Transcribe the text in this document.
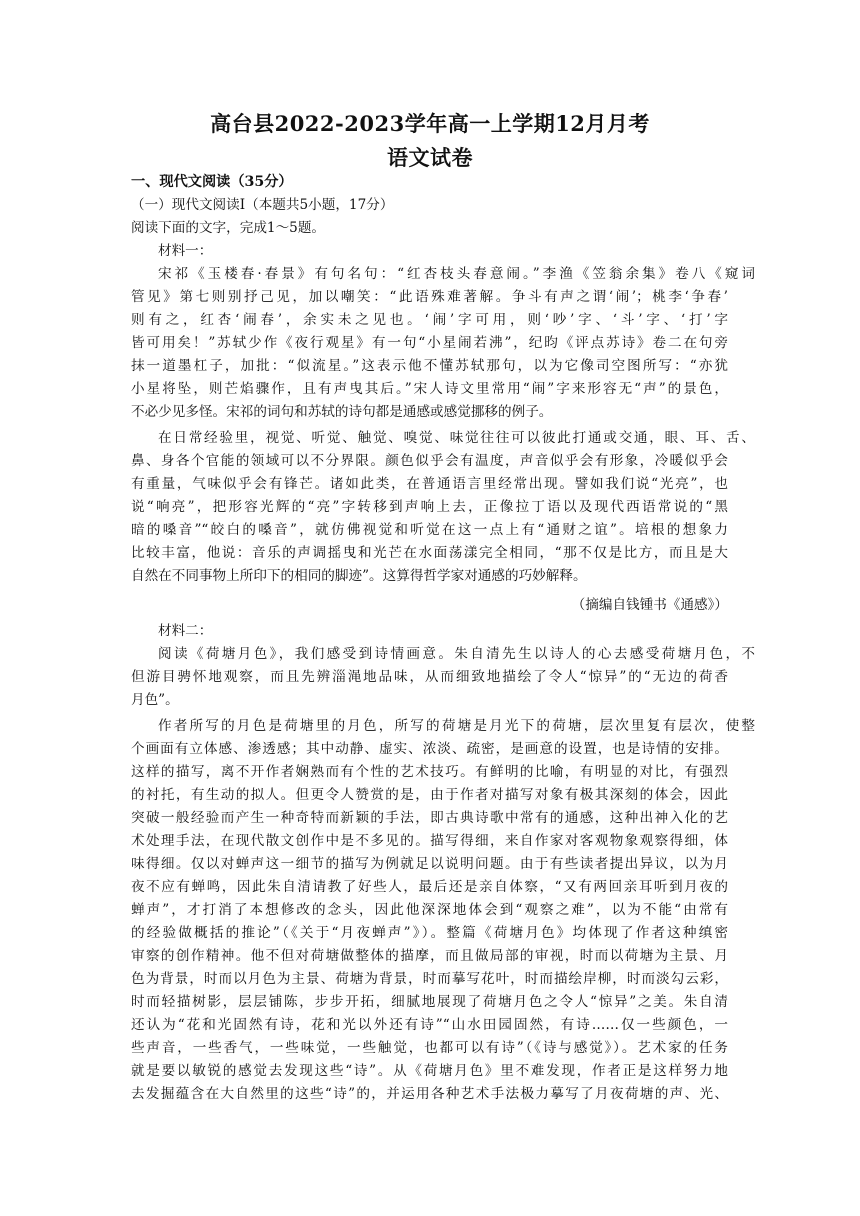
高台县2022-2023学年高一上学期12月月考
语文试卷
一、现代文阅读（35分）
（一）现代文阅读Ⅰ（本题共5小题，17分）
阅读下面的文字，完成1～5题。
材料一：
宋祁《玉楼春·春景》有句名句：“红杏枝头春意闹。”李渔《笠翁余集》卷八《窥词
管见》第七则别抒己见，加以嘲笑：“此语殊难著解。争斗有声之谓‘闹’；桃李‘争春’
则有之，红杏‘闹春’，余实未之见也。‘闹’字可用，则‘吵’字、‘斗’字、‘打’字
皆可用矣！”苏轼少作《夜行观星》有一句“小星闹若沸”，纪昀《评点苏诗》卷二在句旁
抹一道墨杠子，加批：“似流星。”这表示他不懂苏轼那句，以为它像司空图所写：“亦犹
小星将坠，则芒焰骤作，且有声曳其后。”宋人诗文里常用“闹”字来形容无“声”的景色，
不必少见多怪。宋祁的词句和苏轼的诗句都是通感或感觉挪移的例子。
在日常经验里，视觉、听觉、触觉、嗅觉、味觉往往可以彼此打通或交通，眼、耳、舌、
鼻、身各个官能的领域可以不分界限。颜色似乎会有温度，声音似乎会有形象，冷暖似乎会
有重量，气味似乎会有锋芒。诸如此类，在普通语言里经常出现。譬如我们说“光亮”，也
说“响亮”，把形容光辉的“亮”字转移到声响上去，正像拉丁语以及现代西语常说的“黑
暗的嗓音”“皎白的嗓音”，就仿佛视觉和听觉在这一点上有“通财之谊”。培根的想象力
比较丰富，他说：音乐的声调摇曳和光芒在水面荡漾完全相同，“那不仅是比方，而且是大
自然在不同事物上所印下的相同的脚迹”。这算得哲学家对通感的巧妙解释。
（摘编自钱锺书《通感》）
材料二：
阅读《荷塘月色》，我们感受到诗情画意。朱自清先生以诗人的心去感受荷塘月色，不
但游目骋怀地观察，而且先辨淄渑地品味，从而细致地描绘了令人“惊异”的“无边的荷香
月色”。
作者所写的月色是荷塘里的月色，所写的荷塘是月光下的荷塘，层次里复有层次，使整
个画面有立体感、渗透感；其中动静、虚实、浓淡、疏密，是画意的设置，也是诗情的安排。
这样的描写，离不开作者娴熟而有个性的艺术技巧。有鲜明的比喻，有明显的对比，有强烈
的衬托，有生动的拟人。但更令人赞赏的是，由于作者对描写对象有极其深刻的体会，因此
突破一般经验而产生一种奇特而新颖的手法，即古典诗歌中常有的通感，这种出神入化的艺
术处理手法，在现代散文创作中是不多见的。描写得细，来自作家对客观物象观察得细，体
味得细。仅以对蝉声这一细节的描写为例就足以说明问题。由于有些读者提出异议，以为月
夜不应有蝉鸣，因此朱自清请教了好些人，最后还是亲自体察，“又有两回亲耳听到月夜的
蝉声”，才打消了本想修改的念头，因此他深深地体会到“观察之难”，以为不能“由常有
的经验做概括的推论”（《关于“月夜蝉声”》）。整篇《荷塘月色》均体现了作者这种缜密
审察的创作精神。他不但对荷塘做整体的描摩，而且做局部的审视，时而以荷塘为主景、月
色为背景，时而以月色为主景、荷塘为背景，时而摹写花叶，时而描绘岸柳，时而淡勾云彩，
时而轻描树影，层层铺陈，步步开拓，细腻地展现了荷塘月色之令人“惊异”之美。朱自清
还认为“花和光固然有诗，花和光以外还有诗”“山水田园固然，有诗……仅一些颜色，一
些声音，一些香气，一些味觉，一些触觉，也都可以有诗”（《诗与感觉》）。艺术家的任务
就是要以敏锐的感觉去发现这些“诗”。从《荷塘月色》里不难发现，作者正是这样努力地
去发掘蕴含在大自然里的这些“诗”的，并运用各种艺术手法极力摹写了月夜荷塘的声、光、
